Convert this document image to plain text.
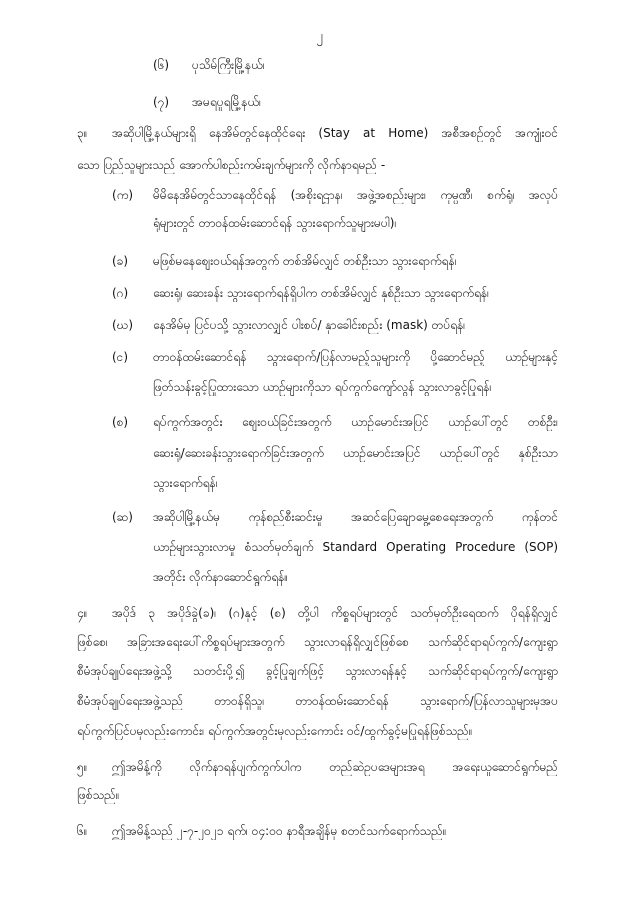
၂
(၆) ပုသိမ်ကြီးမြို့နယ်၊
(၇) အမရပူရမြို့နယ်၊
၃။ အဆိုပါမြို့နယ်များရှိ နေအိမ်တွင်နေထိုင်ရေး (Stay at Home) အစီအစဉ်တွင် အကျုံးဝင်
သော ပြည်သူများသည် အောက်ပါစည်းကမ်းချက်များကို လိုက်နာရမည် -
(က) မိမိနေအိမ်တွင်သာနေထိုင်ရန် (အစိုးရဌာန၊ အဖွဲ့အစည်းများ၊ ကုမ္ပဏီ၊ စက်ရုံ၊ အလုပ်
ရုံများတွင် တာဝန်ထမ်းဆောင်ရန် သွားရောက်သူများမပါ)၊
(ခ) မဖြစ်မနေစျေးဝယ်ရန်အတွက် တစ်အိမ်လျှင် တစ်ဦးသာ သွားရောက်ရန်၊
(ဂ) ဆေးရုံ၊ ဆေးခန်း သွားရောက်ရန်ရှိပါက တစ်အိမ်လျှင် နှစ်ဦးသာ သွားရောက်ရန်၊
(ဃ) နေအိမ်မှ ပြင်ပသို့ သွားလာလျှင် ပါးစပ်/ နှာခေါင်းစည်း (mask) တပ်ရန်၊
(င) တာဝန်ထမ်းဆောင်ရန် သွားရောက်/ပြန်လာမည့်သူများကို ပို့ဆောင်မည့် ယာဉ်များနှင့်
ဖြတ်သန်းခွင့်ပြုထားသော ယာဉ်များကိုသာ ရပ်ကွက်ကျော်လွန် သွားလာခွင့်ပြုရန်၊
(စ) ရပ်ကွက်အတွင်း စျေးဝယ်ခြင်းအတွက် ယာဉ်မောင်းအပြင် ယာဉ်ပေါ်တွင် တစ်ဦး၊
ဆေးရုံ/ဆေးခန်းသွားရောက်ခြင်းအတွက် ယာဉ်မောင်းအပြင် ယာဉ်ပေါ်တွင် နှစ်ဦးသာ
သွားရောက်ရန်၊
(ဆ) အဆိုပါမြို့နယ်မှ ကုန်စည်စီးဆင်းမှု အဆင်ပြေချောမွေ့စေရေးအတွက် ကုန်တင်
ယာဉ်များသွားလာမှု စံသတ်မှတ်ချက် Standard Operating Procedure (SOP)
အတိုင်း လိုက်နာဆောင်ရွက်ရန်။
၄။ အပိုဒ် ၃ အပိုဒ်ခွဲ(ခ)၊ (ဂ)နှင့် (စ) တို့ပါ ကိစ္စရပ်များတွင် သတ်မှတ်ဦးရေထက် ပိုရန်ရှိလျှင်
ဖြစ်စေ၊ အခြားအရေးပေါ်ကိစ္စရပ်များအတွက် သွားလာရန်ရှိလျှင်ဖြစ်စေ သက်ဆိုင်ရာရပ်ကွက်/ကျေးရွာ
စီမံအုပ်ချုပ်ရေးအဖွဲ့သို့ သတင်းပို့၍ ခွင့်ပြုချက်ဖြင့် သွားလာရန်နှင့် သက်ဆိုင်ရာရပ်ကွက်/ကျေးရွာ
စီမံအုပ်ချုပ်ရေးအဖွဲ့သည် တာဝန်ရှိသူ၊ တာဝန်ထမ်းဆောင်ရန် သွားရောက်/ပြန်လာသူများမှအပ
ရပ်ကွက်ပြင်ပမှလည်းကောင်း၊ ရပ်ကွက်အတွင်းမှလည်းကောင်း ဝင်/ထွက်ခွင့်မပြုရန်ဖြစ်သည်။
၅။ ဤအမိန့်ကို လိုက်နာရန်ပျက်ကွက်ပါက တည်ဆဲဥပဒေများအရ အရေးယူဆောင်ရွက်မည်
ဖြစ်သည်။
၆။ ဤအမိန့်သည် ၂-၇-၂၀၂၁ ရက်၊ ဝ၄:၀၀ နာရီအချိန်မှ စတင်သက်ရောက်သည်။
